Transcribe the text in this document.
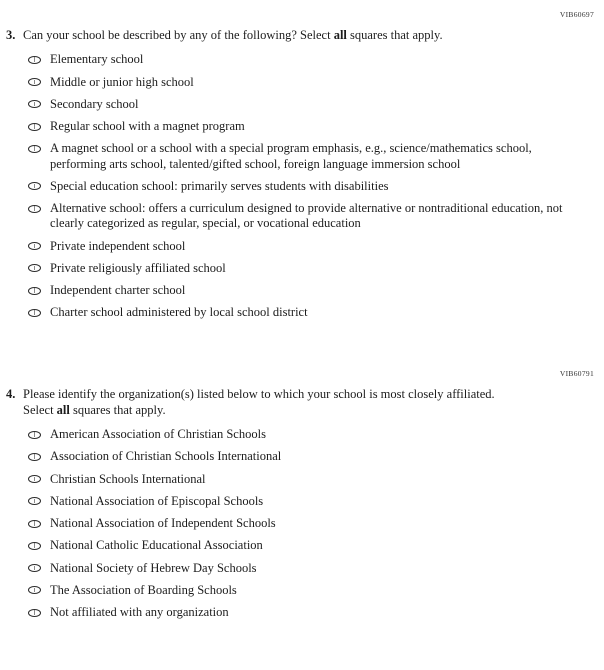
VIB60697
3. Can your school be described by any of the following? Select all squares that apply.

Elementary school
Middle or junior high school
Secondary school
Regular school with a magnet program
A magnet school or a school with a special program emphasis, e.g., science/mathematics school, performing arts school, talented/gifted school, foreign language immersion school
Special education school: primarily serves students with disabilities
Alternative school: offers a curriculum designed to provide alternative or nontraditional education, not clearly categorized as regular, special, or vocational education
Private independent school
Private religiously affiliated school
Independent charter school
Charter school administered by local school district
VIB60791
4. Please identify the organization(s) listed below to which your school is most closely affiliated. Select all squares that apply.

American Association of Christian Schools
Association of Christian Schools International
Christian Schools International
National Association of Episcopal Schools
National Association of Independent Schools
National Catholic Educational Association
National Society of Hebrew Day Schools
The Association of Boarding Schools
Not affiliated with any organization
